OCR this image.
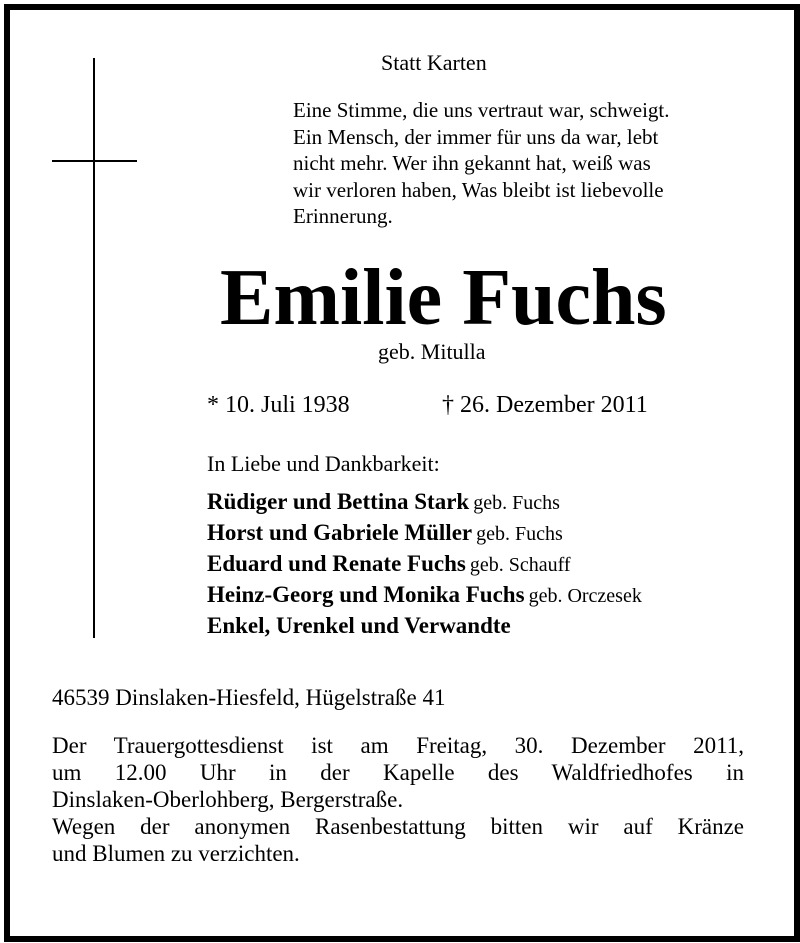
Statt Karten
Eine Stimme, die uns vertraut war, schweigt.
Ein Mensch, der immer für uns da war, lebt
nicht mehr. Wer ihn gekannt hat, weiß was
wir verloren haben, Was bleibt ist liebevolle
Erinnerung.
Emilie Fuchs
geb. Mitulla
* 10. Juli 1938	† 26. Dezember 2011
In Liebe und Dankbarkeit:
Rüdiger und Bettina Stark geb. Fuchs
Horst und Gabriele Müller geb. Fuchs
Eduard und Renate Fuchs geb. Schauff
Heinz-Georg und Monika Fuchs geb. Orczesek
Enkel, Urenkel und Verwandte
46539 Dinslaken-Hiesfeld, Hügelstraße 41
Der Trauergottesdienst ist am Freitag, 30. Dezember 2011,
um 12.00 Uhr in der Kapelle des Waldfriedhofes in
Dinslaken-Oberlohberg, Bergerstraße.
Wegen der anonymen Rasenbestattung bitten wir auf Kränze
und Blumen zu verzichten.
